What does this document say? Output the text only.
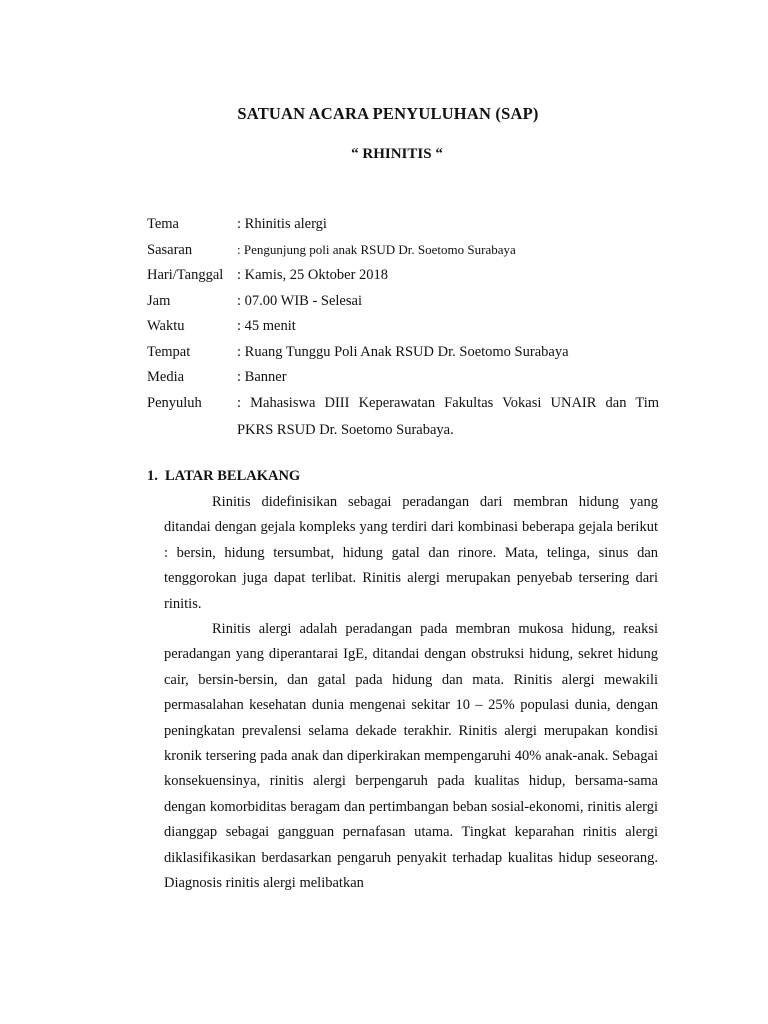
SATUAN ACARA PENYULUHAN (SAP)
“ RHINITIS “
Tema	: Rhinitis alergi
Sasaran	: Pengunjung poli anak RSUD Dr. Soetomo Surabaya
Hari/Tanggal : Kamis, 25 Oktober 2018
Jam	: 07.00 WIB - Selesai
Waktu	: 45 menit
Tempat	: Ruang Tunggu Poli Anak RSUD Dr. Soetomo Surabaya
Media	: Banner
Penyuluh : Mahasiswa DIII Keperawatan Fakultas Vokasi UNAIR dan Tim
PKRS RSUD Dr. Soetomo Surabaya.
1. LATAR BELAKANG

Rinitis didefinisikan sebagai peradangan dari membran hidung yang ditandai dengan gejala kompleks yang terdiri dari kombinasi beberapa gejala berikut : bersin, hidung tersumbat, hidung gatal dan rinore. Mata, telinga, sinus dan tenggorokan juga dapat terlibat. Rinitis alergi merupakan penyebab tersering dari rinitis.

Rinitis alergi adalah peradangan pada membran mukosa hidung, reaksi peradangan yang diperantarai IgE, ditandai dengan obstruksi hidung, sekret hidung cair, bersin-bersin, dan gatal pada hidung dan mata. Rinitis alergi mewakili permasalahan kesehatan dunia mengenai sekitar 10 – 25% populasi dunia, dengan peningkatan prevalensi selama dekade terakhir. Rinitis alergi merupakan kondisi kronik tersering pada anak dan diperkirakan mempengaruhi 40% anak-anak. Sebagai konsekuensinya, rinitis alergi berpengaruh pada kualitas hidup, bersama-sama dengan komorbiditas beragam dan pertimbangan beban sosial-ekonomi, rinitis alergi dianggap sebagai gangguan pernafasan utama. Tingkat keparahan rinitis alergi diklasifikasikan berdasarkan pengaruh penyakit terhadap kualitas hidup seseorang. Diagnosis rinitis alergi melibatkan
